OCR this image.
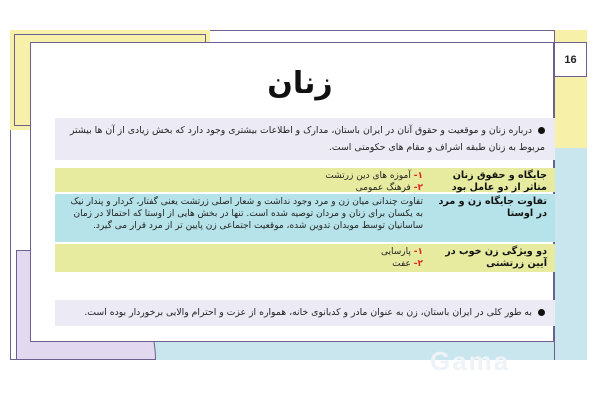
16
زنان
درباره زنان و موقعیت و حقوق آنان در ایران باستان، مدارک و اطلاعات بیشتری وجود دارد که بخش زیادی از آن ها بیشتر مربوط به زنان طبقه اشراف و مقام های حکومتی است.
جایگاه و حقوق زنان متاثر از دو عامل بود
۱- آموزه های دین زرتشت
۲- فرهنگ عمومی
تفاوت جایگاه زن و مرد در اوستا
تفاوت چندانی میان زن و مرد وجود نداشت و شعار اصلی زرتشت یعنی گفتار، کردار و پندار نیک به یکسان برای زنان و مردان توصیه شده است. تنها در بخش هایی از اوستا که احتمالا در زمان ساسانیان توسط موبدان تدوین شده، موقعیت اجتماعی زن پایین تر از مرد قرار می گیرد.
دو ویژگی زن خوب در آیین زرتشتی
۱- پارسایی
۲- عفت
به طور کلی در ایران باستان، زن به عنوان مادر و کدبانوی خانه، همواره از عزت و احترام والایی برخوردار بوده است.
Gama
